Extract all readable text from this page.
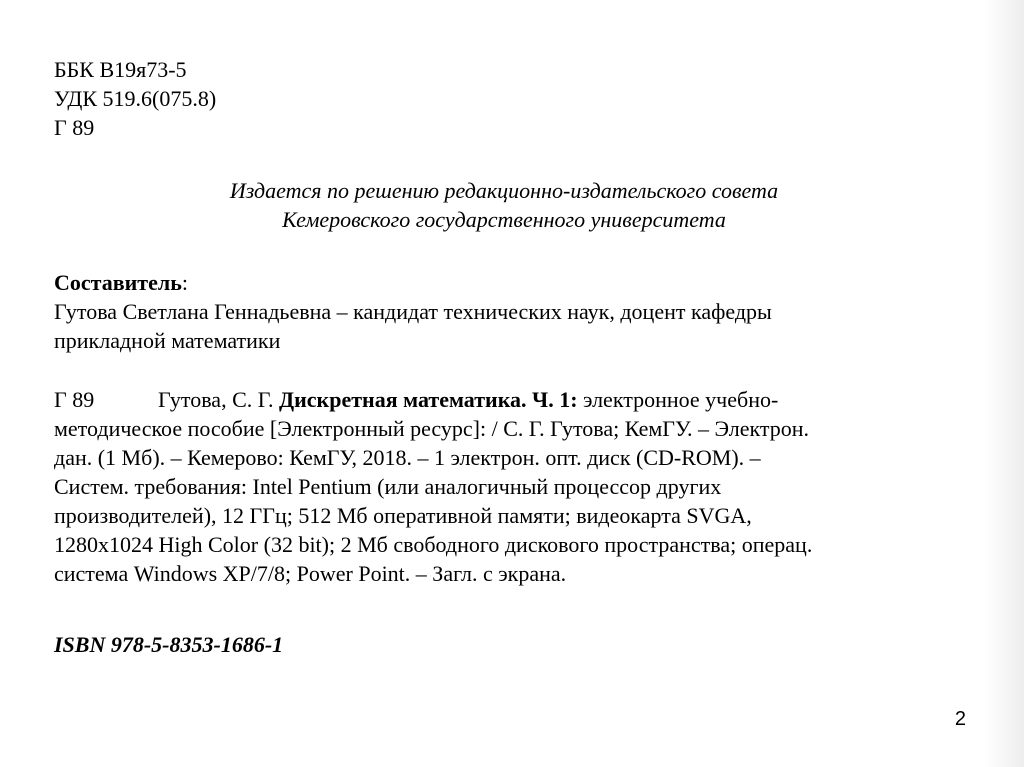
ББК В19я73-5
УДК 519.6(075.8)
Г 89
Издается по решению редакционно-издательского совета
Кемеровского государственного университета
Составитель:
Гутова Светлана Геннадьевна – кандидат технических наук, доцент кафедры
прикладной математики
Г 89	Гутова, С. Г. Дискретная математика. Ч. 1: электронное учебно-
методическое пособие [Электронный ресурс]: / С. Г. Гутова; КемГУ. – Электрон.
дан. (1 Мб). – Кемерово: КемГУ, 2018. – 1 электрон. опт. диск (CD-ROM). –
Систем. требования: Intel Pentium (или аналогичный процессор других
производителей), 12 ГГц; 512 Мб оперативной памяти; видеокарта SVGA,
1280x1024 High Color (32 bit); 2 Мб свободного дискового пространства; операц.
система Windows XP/7/8; Power Point. – Загл. с экрана.
ISBN 978-5-8353-1686-1
2
